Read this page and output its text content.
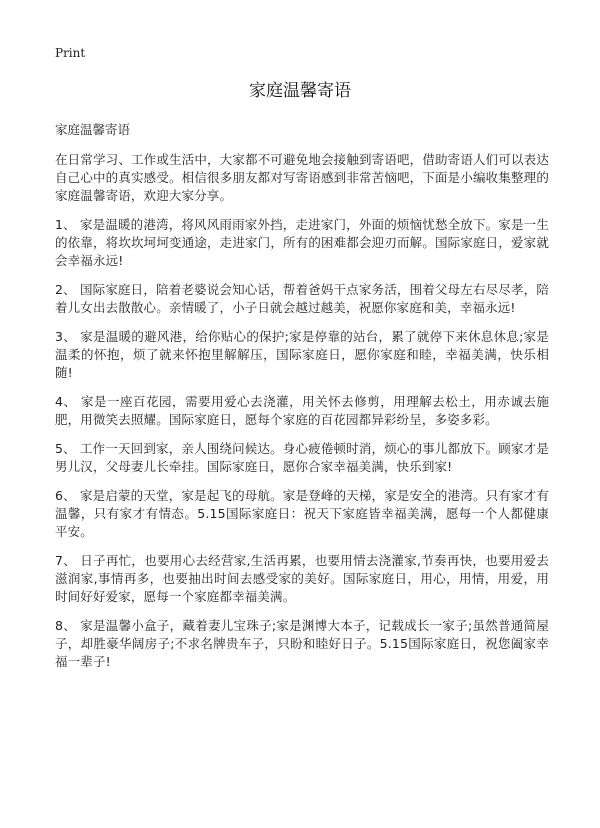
Print
家庭温馨寄语

家庭温馨寄语

在日常学习、工作或生活中，大家都不可避免地会接触到寄语吧，借助寄语人们可以表达自己心中的真实感受。相信很多朋友都对写寄语感到非常苦恼吧，下面是小编收集整理的家庭温馨寄语，欢迎大家分享。

1、 家是温暖的港湾，将风风雨雨家外挡，走进家门，外面的烦恼忧愁全放下。家是一生的依靠，将坎坎坷坷变通途，走进家门，所有的困难都会迎刃而解。国际家庭日，爱家就会幸福永远!

2、 国际家庭日，陪着老婆说会知心话，帮着爸妈干点家务活，围着父母左右尽尽孝，陪着儿女出去散散心。亲情暖了，小子日就会越过越美，祝愿你家庭和美，幸福永远!

3、 家是温暖的避风港，给你贴心的保护;家是停靠的站台，累了就停下来休息休息;家是温柔的怀抱，烦了就来怀抱里解解压，国际家庭日，愿你家庭和睦，幸福美满，快乐相随!

4、 家是一座百花园，需要用爱心去浇灌，用关怀去修剪，用理解去松土，用赤诚去施肥，用微笑去照耀。国际家庭日，愿每个家庭的百花园都异彩纷呈，多姿多彩。

5、 工作一天回到家，亲人围绕问候达。身心疲倦顿时消，烦心的事儿都放下。顾家才是男儿汉，父母妻儿长牵挂。国际家庭日，愿你合家幸福美满，快乐到家!

6、 家是启蒙的天堂，家是起飞的母航。家是登峰的天梯，家是安全的港湾。只有家才有温馨，只有家才有情态。5.15国际家庭日：祝天下家庭皆幸福美满，愿每一个人都健康平安。

7、 日子再忙，也要用心去经营家,生活再累，也要用情去浇灌家,节奏再快，也要用爱去滋润家,事情再多，也要抽出时间去感受家的美好。国际家庭日，用心，用情，用爱，用时间好好爱家，愿每一个家庭都幸福美满。

8、 家是温馨小盒子，藏着妻儿宝珠子;家是渊博大本子，记载成长一家子;虽然普通简屋子，却胜豪华阔房子;不求名牌贵车子，只盼和睦好日子。5.15国际家庭日，祝您阖家幸福一辈子!
